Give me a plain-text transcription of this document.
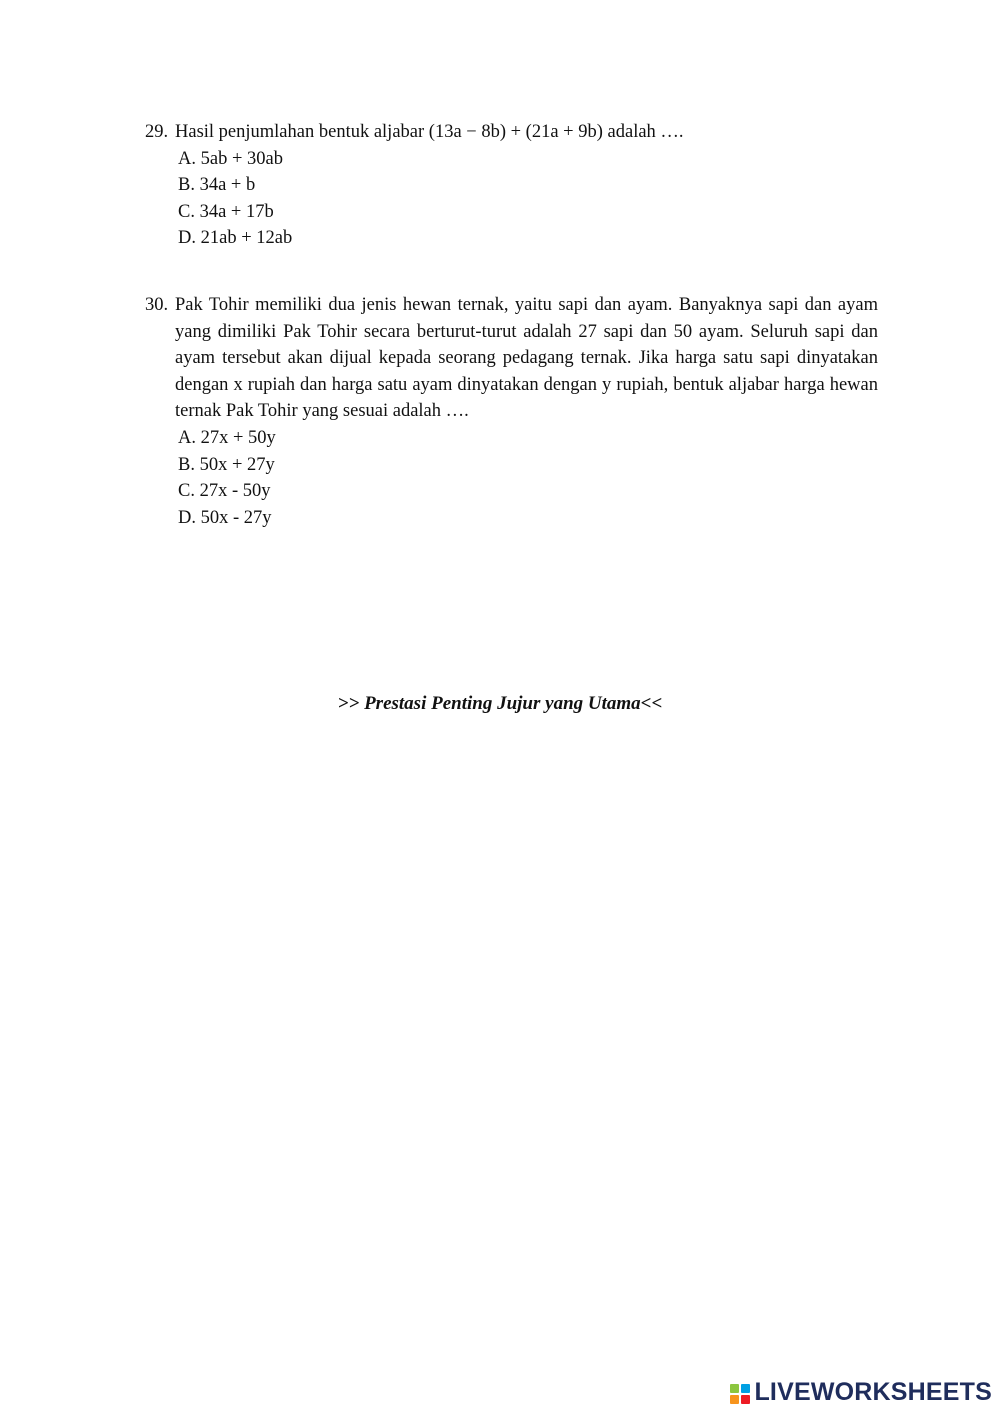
29. Hasil penjumlahan bentuk aljabar (13a − 8b) + (21a + 9b) adalah ….
A. 5ab + 30ab
B. 34a + b
C. 34a + 17b
D. 21ab + 12ab
30. Pak Tohir memiliki dua jenis hewan ternak, yaitu sapi dan ayam. Banyaknya sapi dan ayam yang dimiliki Pak Tohir secara berturut-turut adalah 27 sapi dan 50 ayam. Seluruh sapi dan ayam tersebut akan dijual kepada seorang pedagang ternak. Jika harga satu sapi dinyatakan dengan x rupiah dan harga satu ayam dinyatakan dengan y rupiah, bentuk aljabar harga hewan ternak Pak Tohir yang sesuai adalah ….
A. 27x + 50y
B. 50x + 27y
C. 27x - 50y
D. 50x - 27y
>> Prestasi Penting Jujur yang Utama<<
LIVEWORKSHEETS
